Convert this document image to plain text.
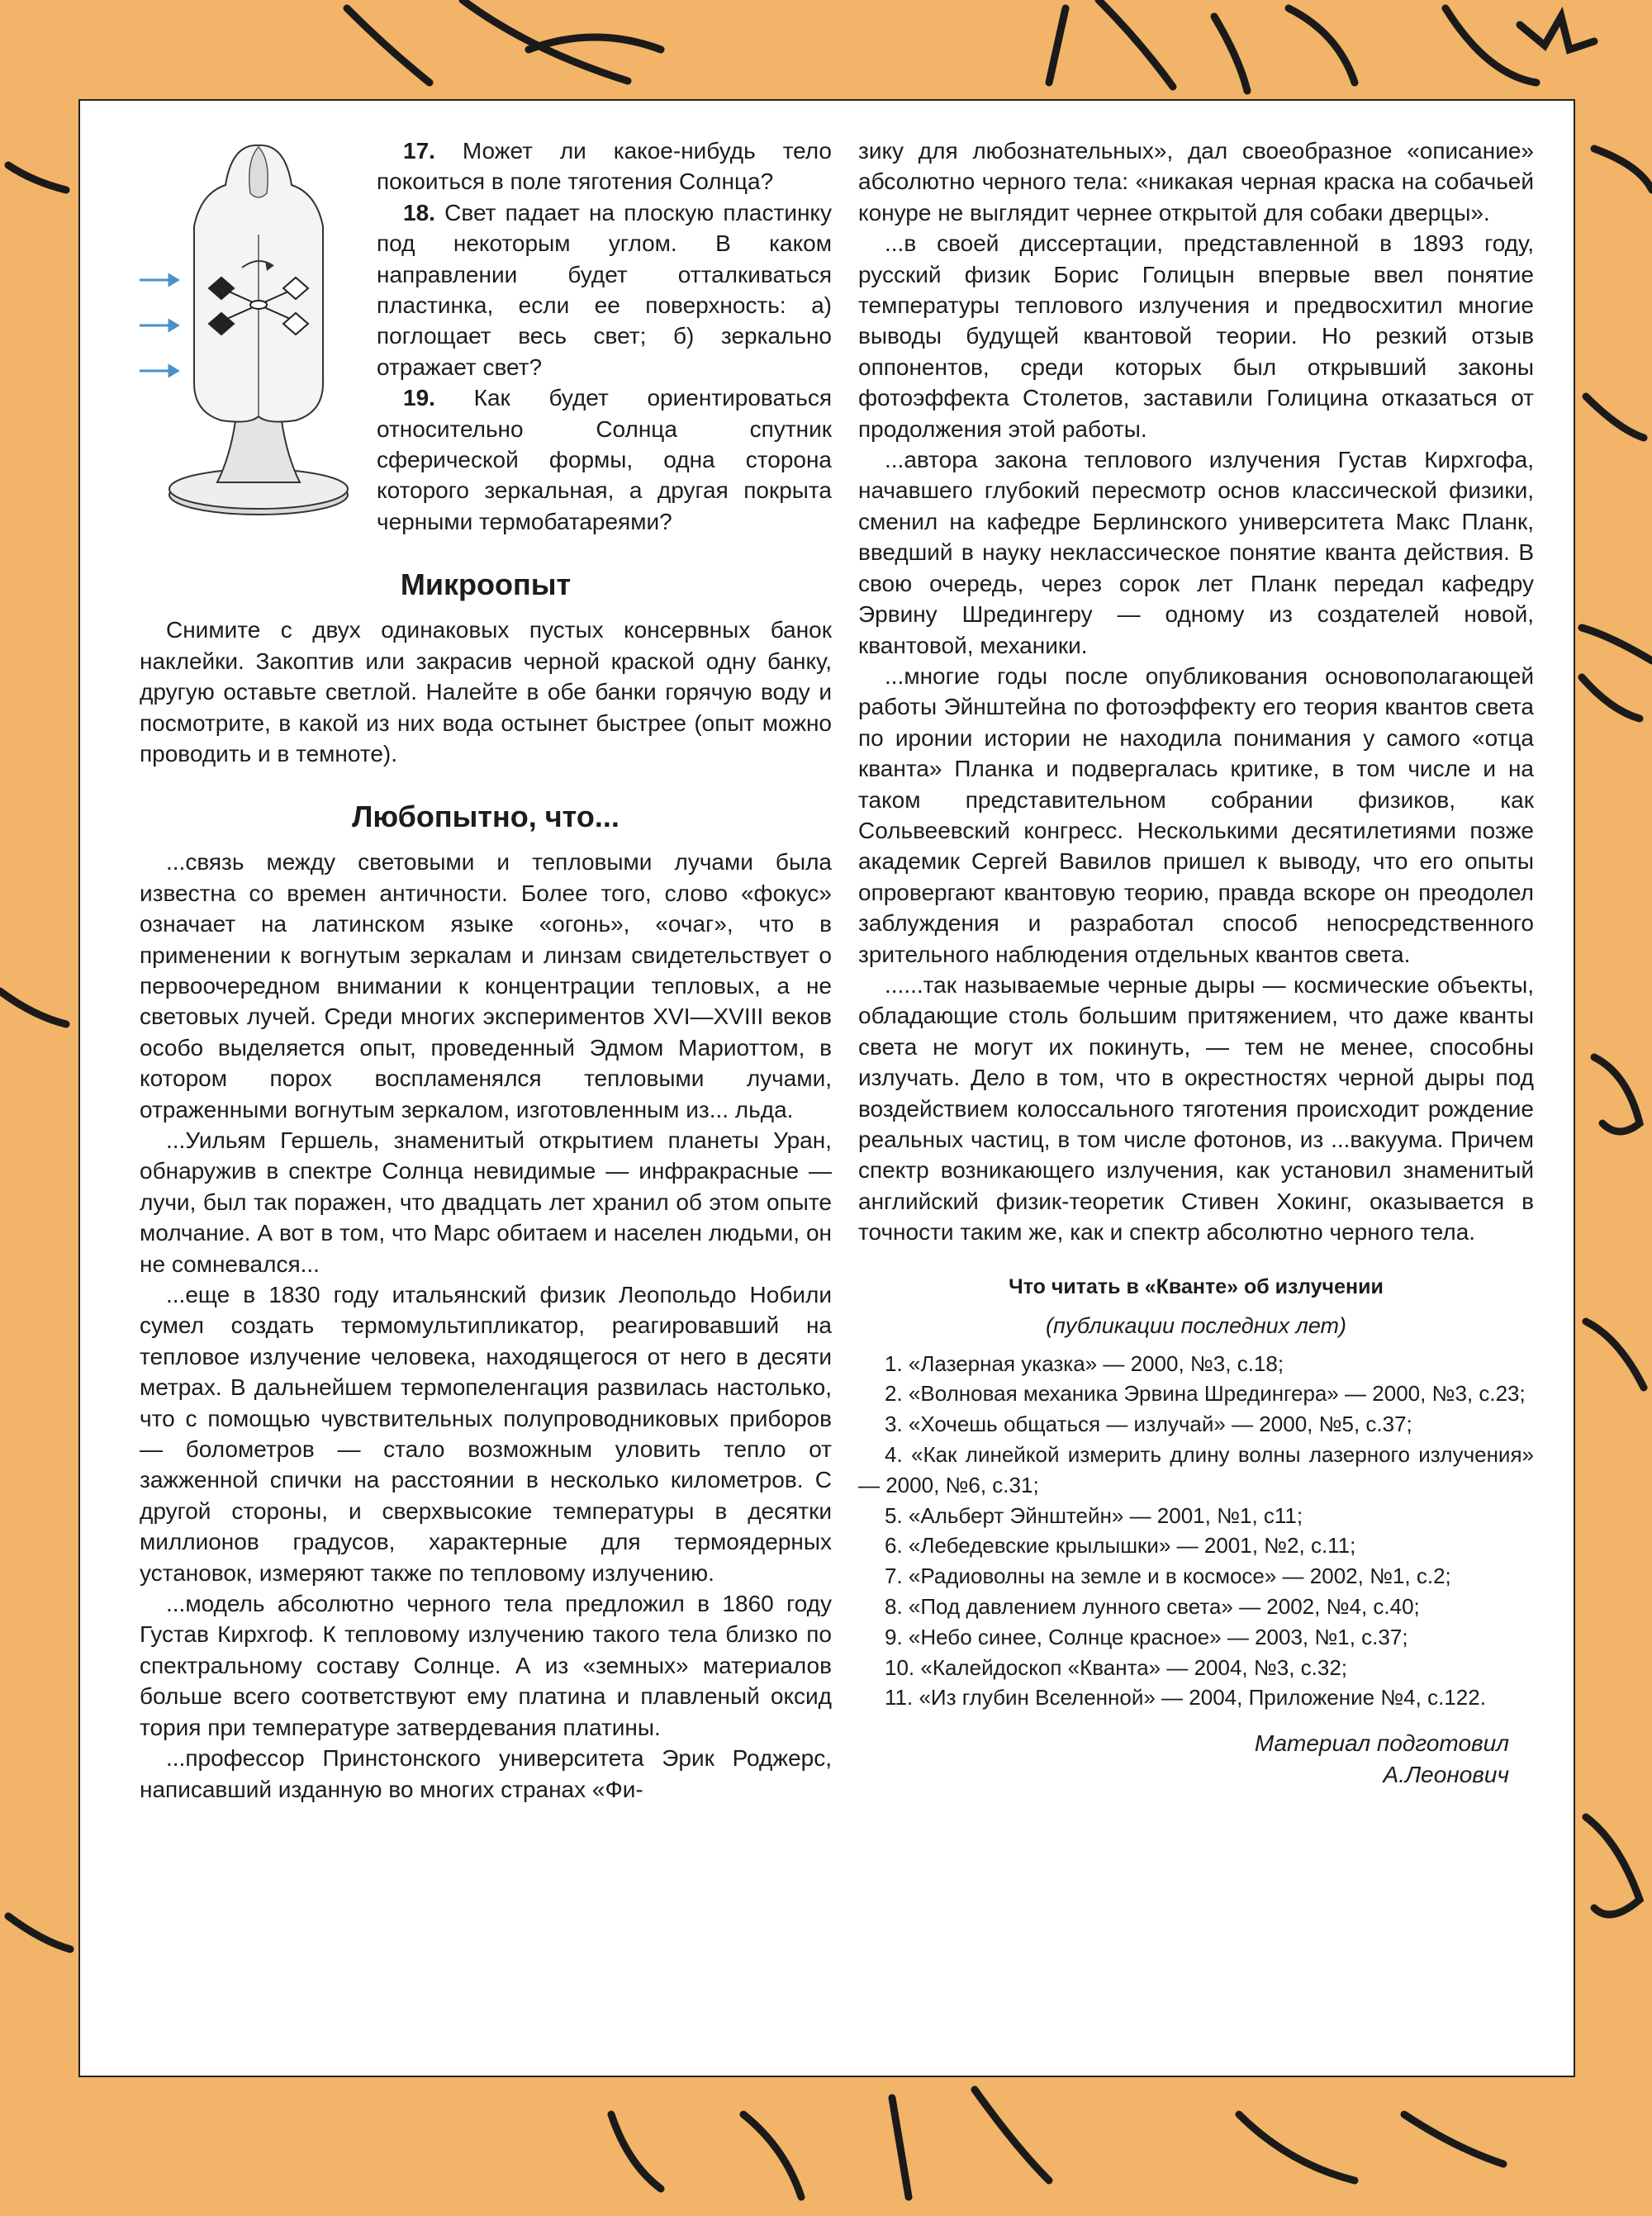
17. Может ли какое-нибудь тело покоиться в поле тяготения Солнца?

18. Свет падает на плоскую пластинку под некоторым углом. В каком направлении будет отталкиваться пластинка, если ее поверхность: а) поглощает весь свет; б) зеркально отражает свет?

19. Как будет ориентироваться относительно Солнца спутник сферической формы, одна сторона которого зеркальная, а другая покрыта черными термобатареями?

Микроопыт

Снимите с двух одинаковых пустых консервных банок наклейки. Закоптив или закрасив черной краской одну банку, другую оставьте светлой. Налейте в обе банки горячую воду и посмотрите, в какой из них вода остынет быстрее (опыт можно проводить и в темноте).

Любопытно, что...

...связь между световыми и тепловыми лучами была известна со времен античности. Более того, слово «фокус» означает на латинском языке «огонь», «очаг», что в применении к вогнутым зеркалам и линзам свидетельствует о первоочередном внимании к концентрации тепловых, а не световых лучей. Среди многих экспериментов XVI—XVIII веков особо выделяется опыт, проведенный Эдмом Мариоттом, в котором порох воспламенялся тепловыми лучами, отраженными вогнутым зеркалом, изготовленным из... льда.

...Уильям Гершель, знаменитый открытием планеты Уран, обнаружив в спектре Солнца невидимые — инфракрасные — лучи, был так поражен, что двадцать лет хранил об этом опыте молчание. А вот в том, что Марс обитаем и населен людьми, он не сомневался...

...еще в 1830 году итальянский физик Леопольдо Нобили сумел создать термомультипликатор, реагировавший на тепловое излучение человека, находящегося от него в десяти метрах. В дальнейшем термопеленгация развилась настолько, что с помощью чувствительных полупроводниковых приборов — болометров — стало возможным уловить тепло от зажженной спички на расстоянии в несколько километров. С другой стороны, и сверхвысокие температуры в десятки миллионов градусов, характерные для термоядерных установок, измеряют также по тепловому излучению.

...модель абсолютно черного тела предложил в 1860 году Густав Кирхгоф. К тепловому излучению такого тела близко по спектральному составу Солнце. А из «земных» материалов больше всего соответствуют ему платина и плавленый оксид тория при температуре затвердевания платины.

...профессор Принстонского университета Эрик Роджерс, написавший изданную во многих странах «Фи-

зику для любознательных», дал своеобразное «описание» абсолютно черного тела: «никакая черная краска на собачьей конуре не выглядит чернее открытой для собаки дверцы».

...в своей диссертации, представленной в 1893 году, русский физик Борис Голицын впервые ввел понятие температуры теплового излучения и предвосхитил многие выводы будущей квантовой теории. Но резкий отзыв оппонентов, среди которых был открывший законы фотоэффекта Столетов, заставили Голицина отказаться от продолжения этой работы.

...автора закона теплового излучения Густав Кирхгофа, начавшего глубокий пересмотр основ классической физики, сменил на кафедре Берлинского университета Макс Планк, введший в науку неклассическое понятие кванта действия. В свою очередь, через сорок лет Планк передал кафедру Эрвину Шредингеру — одному из создателей новой, квантовой, механики.

...многие годы после опубликования основополагающей работы Эйнштейна по фотоэффекту его теория квантов света по иронии истории не находила понимания у самого «отца кванта» Планка и подвергалась критике, в том числе и на таком представительном собрании физиков, как Сольвеевский конгресс. Несколькими десятилетиями позже академик Сергей Вавилов пришел к выводу, что его опыты опровергают квантовую теорию, правда вскоре он преодолел заблуждения и разработал способ непосредственного зрительного наблюдения отдельных квантов света.

......так называемые черные дыры — космические объекты, обладающие столь большим притяжением, что даже кванты света не могут их покинуть, — тем не менее, способны излучать. Дело в том, что в окрестностях черной дыры под воздействием колоссального тяготения происходит рождение реальных частиц, в том числе фотонов, из ...вакуума. Причем спектр возникающего излучения, как установил знаменитый английский физик-теоретик Стивен Хокинг, оказывается в точности таким же, как и спектр абсолютно черного тела.

Что читать в «Кванте» об излучении
(публикации последних лет)
1. «Лазерная указка» — 2000, №3, с.18;
2. «Волновая механика Эрвина Шредингера» — 2000, №3, с.23;
3. «Хочешь общаться — излучай» — 2000, №5, с.37;
4. «Как линейкой измерить длину волны лазерного излучения» — 2000, №6, с.31;
5. «Альберт Эйнштейн» — 2001, №1, с11;
6. «Лебедевские крылышки» — 2001, №2, с.11;
7. «Радиоволны на земле и в космосе» — 2002, №1, с.2;
8. «Под давлением лунного света» — 2002, №4, с.40;
9. «Небо синее, Солнце красное» — 2003, №1, с.37;
10. «Калейдоскоп «Кванта» — 2004, №3, с.32;
11. «Из глубин Вселенной» — 2004, Приложение №4, с.122.
Материал подготовил
А.Леонович
